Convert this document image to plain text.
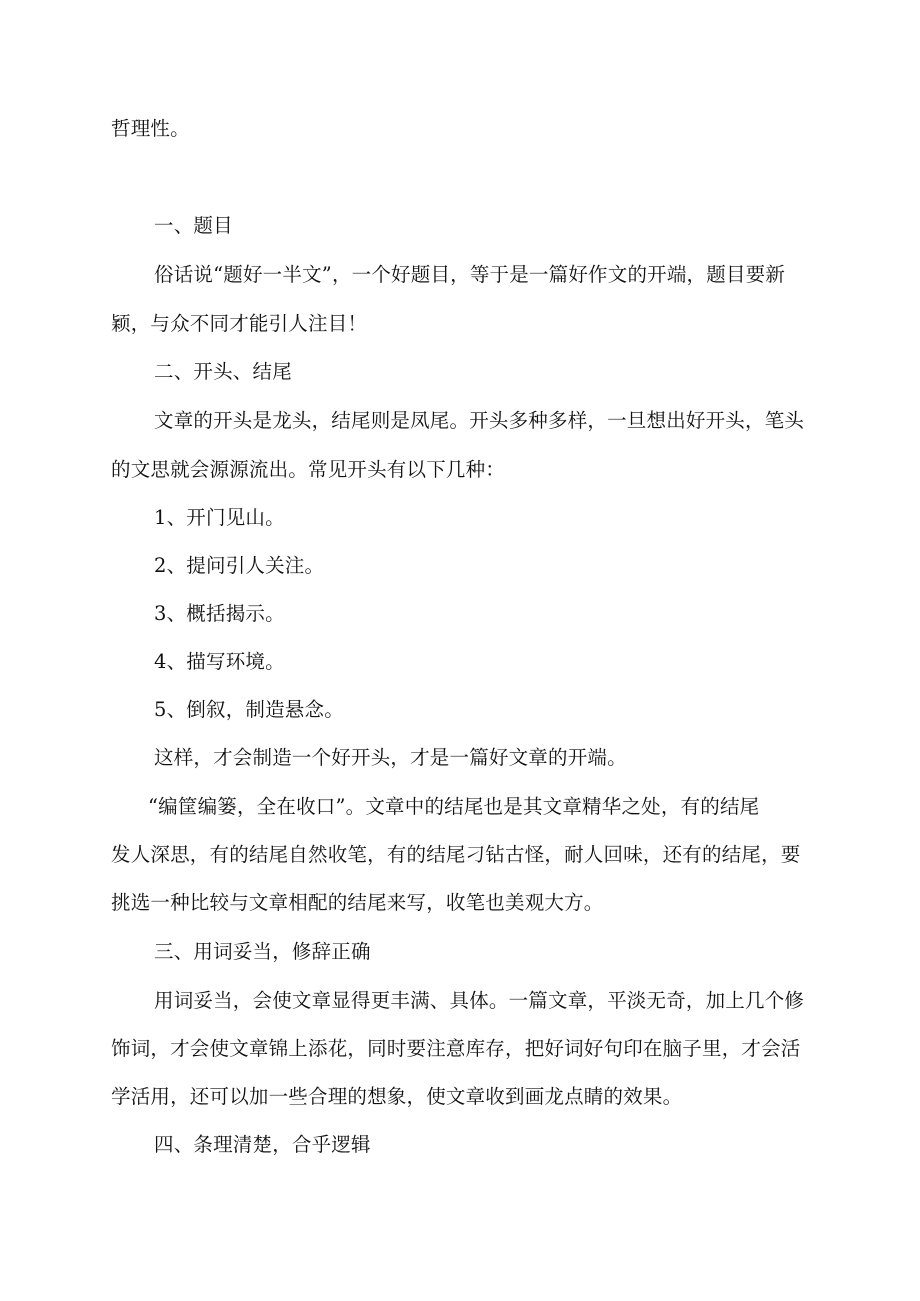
哲理性。
一、题目
俗话说“题好一半文”，一个好题目，等于是一篇好作文的开端，题目要新
颖，与众不同才能引人注目！
二、开头、结尾
文章的开头是龙头，结尾则是凤尾。开头多种多样，一旦想出好开头，笔头
的文思就会源源流出。常见开头有以下几种：
1、开门见山。
2、提问引人关注。
3、概括揭示。
4、描写环境。
5、倒叙，制造悬念。
这样，才会制造一个好开头，才是一篇好文章的开端。
“编筐编篓，全在收口”。文章中的结尾也是其文章精华之处，有的结尾
发人深思，有的结尾自然收笔，有的结尾刁钻古怪，耐人回味，还有的结尾，要
挑选一种比较与文章相配的结尾来写，收笔也美观大方。
三、用词妥当，修辞正确
用词妥当，会使文章显得更丰满、具体。一篇文章，平淡无奇，加上几个修
饰词，才会使文章锦上添花，同时要注意库存，把好词好句印在脑子里，才会活
学活用，还可以加一些合理的想象，使文章收到画龙点睛的效果。
四、条理清楚，合乎逻辑
